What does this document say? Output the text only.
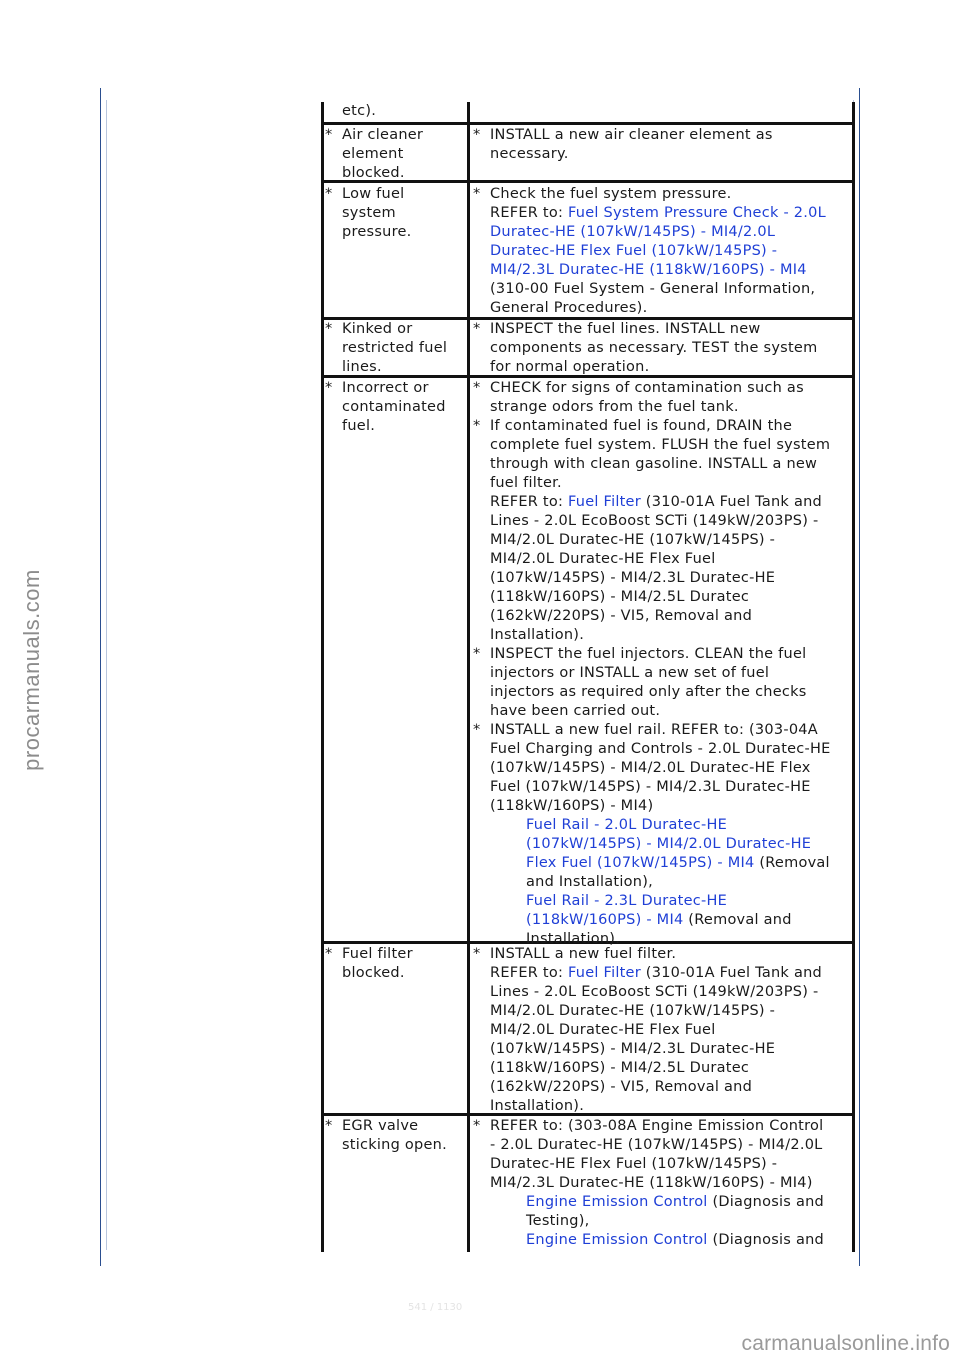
procarmanuals.com
etc).
* Air cleaner
element
blocked.
* INSTALL a new air cleaner element as
necessary.
* Low fuel
system
pressure.
* Check the fuel system pressure.
REFER to: Fuel System Pressure Check - 2.0L
Duratec-HE (107kW/145PS) - MI4/2.0L
Duratec-HE Flex Fuel (107kW/145PS) -
MI4/2.3L Duratec-HE (118kW/160PS) - MI4
(310-00 Fuel System - General Information,
General Procedures).
* Kinked or
restricted fuel
lines.
* INSPECT the fuel lines. INSTALL new
components as necessary. TEST the system
for normal operation.
* Incorrect or
contaminated
fuel.
* CHECK for signs of contamination such as
strange odors from the fuel tank.
* If contaminated fuel is found, DRAIN the
complete fuel system. FLUSH the fuel system
through with clean gasoline. INSTALL a new
fuel filter.
REFER to: Fuel Filter (310-01A Fuel Tank and
Lines - 2.0L EcoBoost SCTi (149kW/203PS) -
MI4/2.0L Duratec-HE (107kW/145PS) -
MI4/2.0L Duratec-HE Flex Fuel
(107kW/145PS) - MI4/2.3L Duratec-HE
(118kW/160PS) - MI4/2.5L Duratec
(162kW/220PS) - VI5, Removal and
Installation).
* INSPECT the fuel injectors. CLEAN the fuel
injectors or INSTALL a new set of fuel
injectors as required only after the checks
have been carried out.
* INSTALL a new fuel rail. REFER to: (303-04A
Fuel Charging and Controls - 2.0L Duratec-HE
(107kW/145PS) - MI4/2.0L Duratec-HE Flex
Fuel (107kW/145PS) - MI4/2.3L Duratec-HE
(118kW/160PS) - MI4)
Fuel Rail - 2.0L Duratec-HE
(107kW/145PS) - MI4/2.0L Duratec-HE
Flex Fuel (107kW/145PS) - MI4 (Removal
and Installation),
Fuel Rail - 2.3L Duratec-HE
(118kW/160PS) - MI4 (Removal and
Installation).
* Fuel filter
blocked.
* INSTALL a new fuel filter.
REFER to: Fuel Filter (310-01A Fuel Tank and
Lines - 2.0L EcoBoost SCTi (149kW/203PS) -
MI4/2.0L Duratec-HE (107kW/145PS) -
MI4/2.0L Duratec-HE Flex Fuel
(107kW/145PS) - MI4/2.3L Duratec-HE
(118kW/160PS) - MI4/2.5L Duratec
(162kW/220PS) - VI5, Removal and
Installation).
* EGR valve
sticking open.
* REFER to: (303-08A Engine Emission Control
- 2.0L Duratec-HE (107kW/145PS) - MI4/2.0L
Duratec-HE Flex Fuel (107kW/145PS) -
MI4/2.3L Duratec-HE (118kW/160PS) - MI4)
Engine Emission Control (Diagnosis and
Testing),
Engine Emission Control (Diagnosis and
541 / 1130
carmanualsonline.info
